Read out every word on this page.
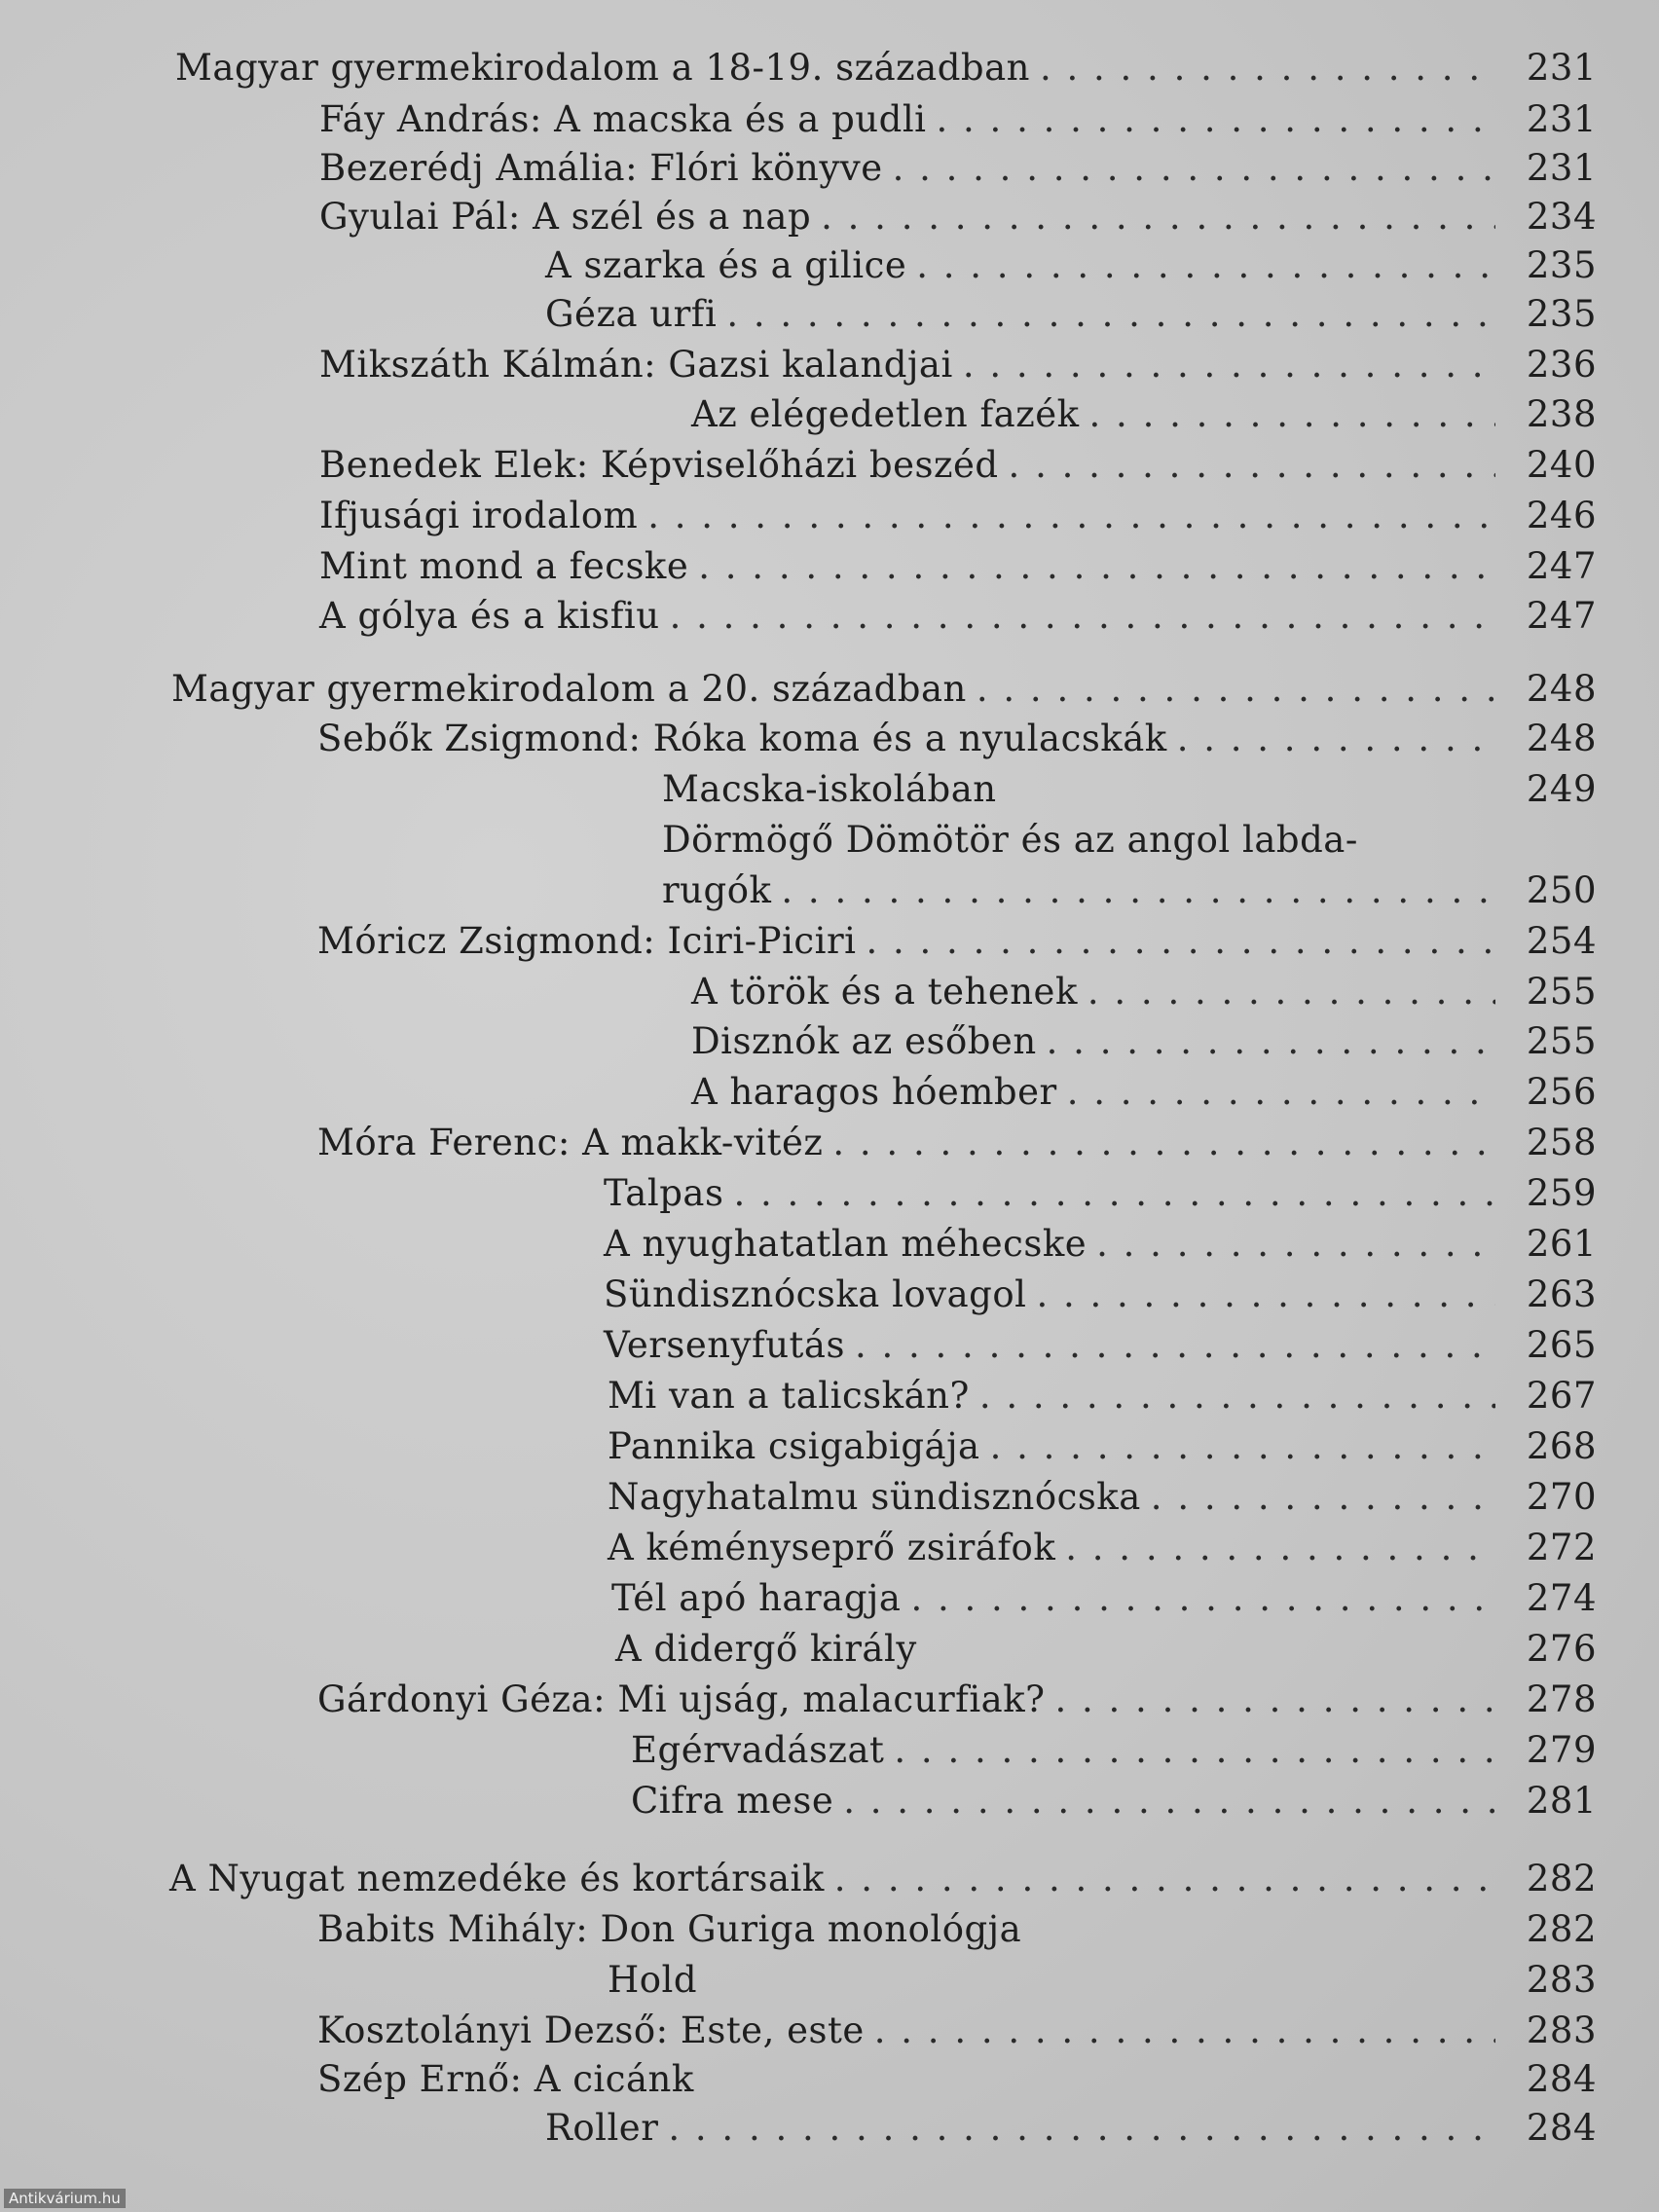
Magyar gyermekirodalom a 18-19. században . . .	231
Fáy András: A macska és a pudli . . .	231
Bezerédj Amália: Flóri könyve . . .	231
Gyulai Pál: A szél és a nap . . .	234
A szarka és a gilice . . .	235
Géza urfi . . .	235
Mikszáth Kálmán: Gazsi kalandjai . . .	236
Az elégedetlen fazék . . .	238
Benedek Elek: Képviselőházi beszéd . . .	240
Ifjusági irodalom . . .	246
Mint mond a fecske . . .	247
A gólya és a kisfiu . . .	247
Magyar gyermekirodalom a 20. században . . .	248
Sebők Zsigmond: Róka koma és a nyulacskák . . .	248
Macska-iskolában	249
Dörmögő Dömötör és az angol labda-
rugók . . .	250
Móricz Zsigmond: Iciri-Piciri . . .	254
A török és a tehenek . . .	255
Disznók az esőben . . .	255
A haragos hóember . . .	256
Móra Ferenc: A makk-vitéz . . .	258
Talpas . . .	259
A nyughatatlan méhecske . . .	261
Sündisznócska lovagol . . .	263
Versenyfutás . . .	265
Mi van a talicskán? . . .	267
Pannika csigabigája . . .	268
Nagyhatalmu sündisznócska . . .	270
A kéményseprő zsiráfok . . .	272
Tél apó haragja . . .	274
A didergő király	276
Gárdonyi Géza: Mi ujság, malacurfiak? . . .	278
Egérvadászat . . .	279
Cifra mese . . .	281
A Nyugat nemzedéke és kortársaik . . .	282
Babits Mihály: Don Guriga monológja	282
Hold	283
Kosztolányi Dezső: Este, este . . .	283
Szép Ernő: A cicánk	284
Roller . . .	284
Antikvárium.hu
